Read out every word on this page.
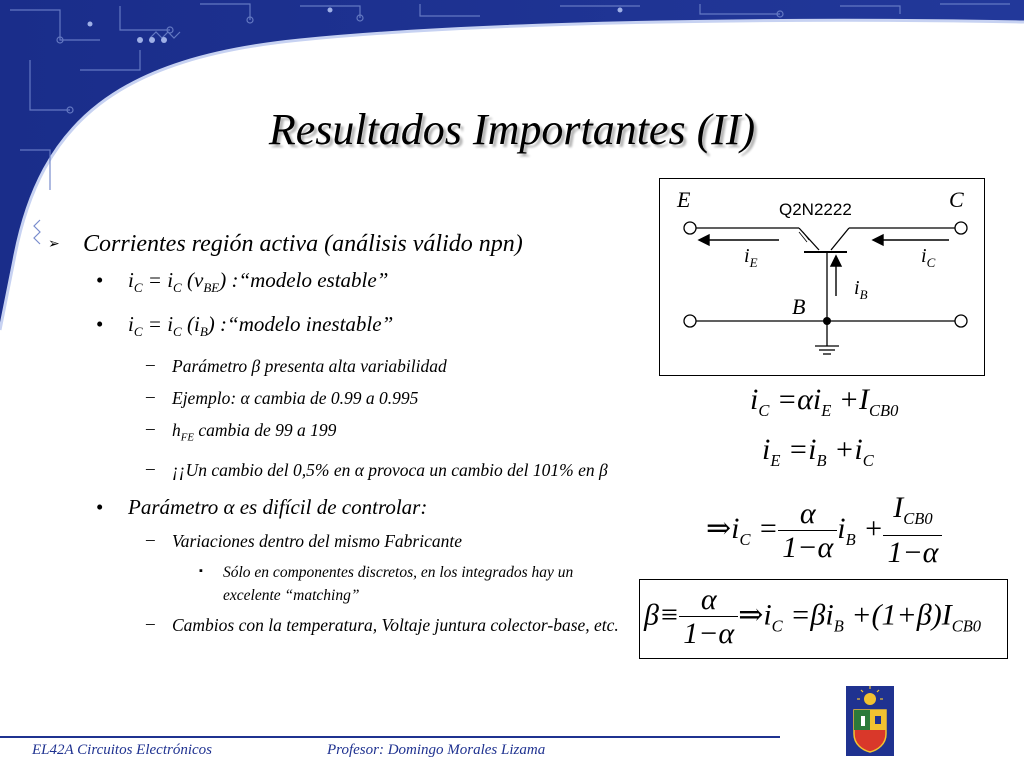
Resultados Importantes (II)
➢ Corrientes región activa (análisis válido npn)
• $i_C = i_C$ $(v_{BE})$ :“modelo estable”
• $i_C = i_C$ $(i_B)$ :“modelo inestable”
– Parámetro β presenta alta variabilidad
– Ejemplo: α cambia de 0.99 a 0.995
– $h_{FE}$ cambia de 99 a 199
– ¡¡Un cambio del 0,5% en α provoca un cambio del 101% en β
• Parámetro α es difícil de controlar:
– Variaciones dentro del mismo Fabricante
▪ Sólo en componentes discretos, en los integrados hay un excelente “matching”
– Cambios con la temperatura, Voltaje juntura colector-base, etc.
E	C
B
$i_E$	$i_C$
$i_B$
Q2N2222
$i_C =\alpha i_E +I_{CB0}$
$i_E =i_B +i_C$
$\Rightarrow i_C = \frac{\alpha}{1-\alpha} i_B + \frac{I_{CB0}}{1-\alpha}$
$\beta\equiv \frac{\alpha}{1-\alpha}$ $\Rightarrow i_C =\beta i_B +(1+\beta)I_{CB0}$
EL42A Circuitos Electrónicos	Profesor: Domingo Morales Lizama
